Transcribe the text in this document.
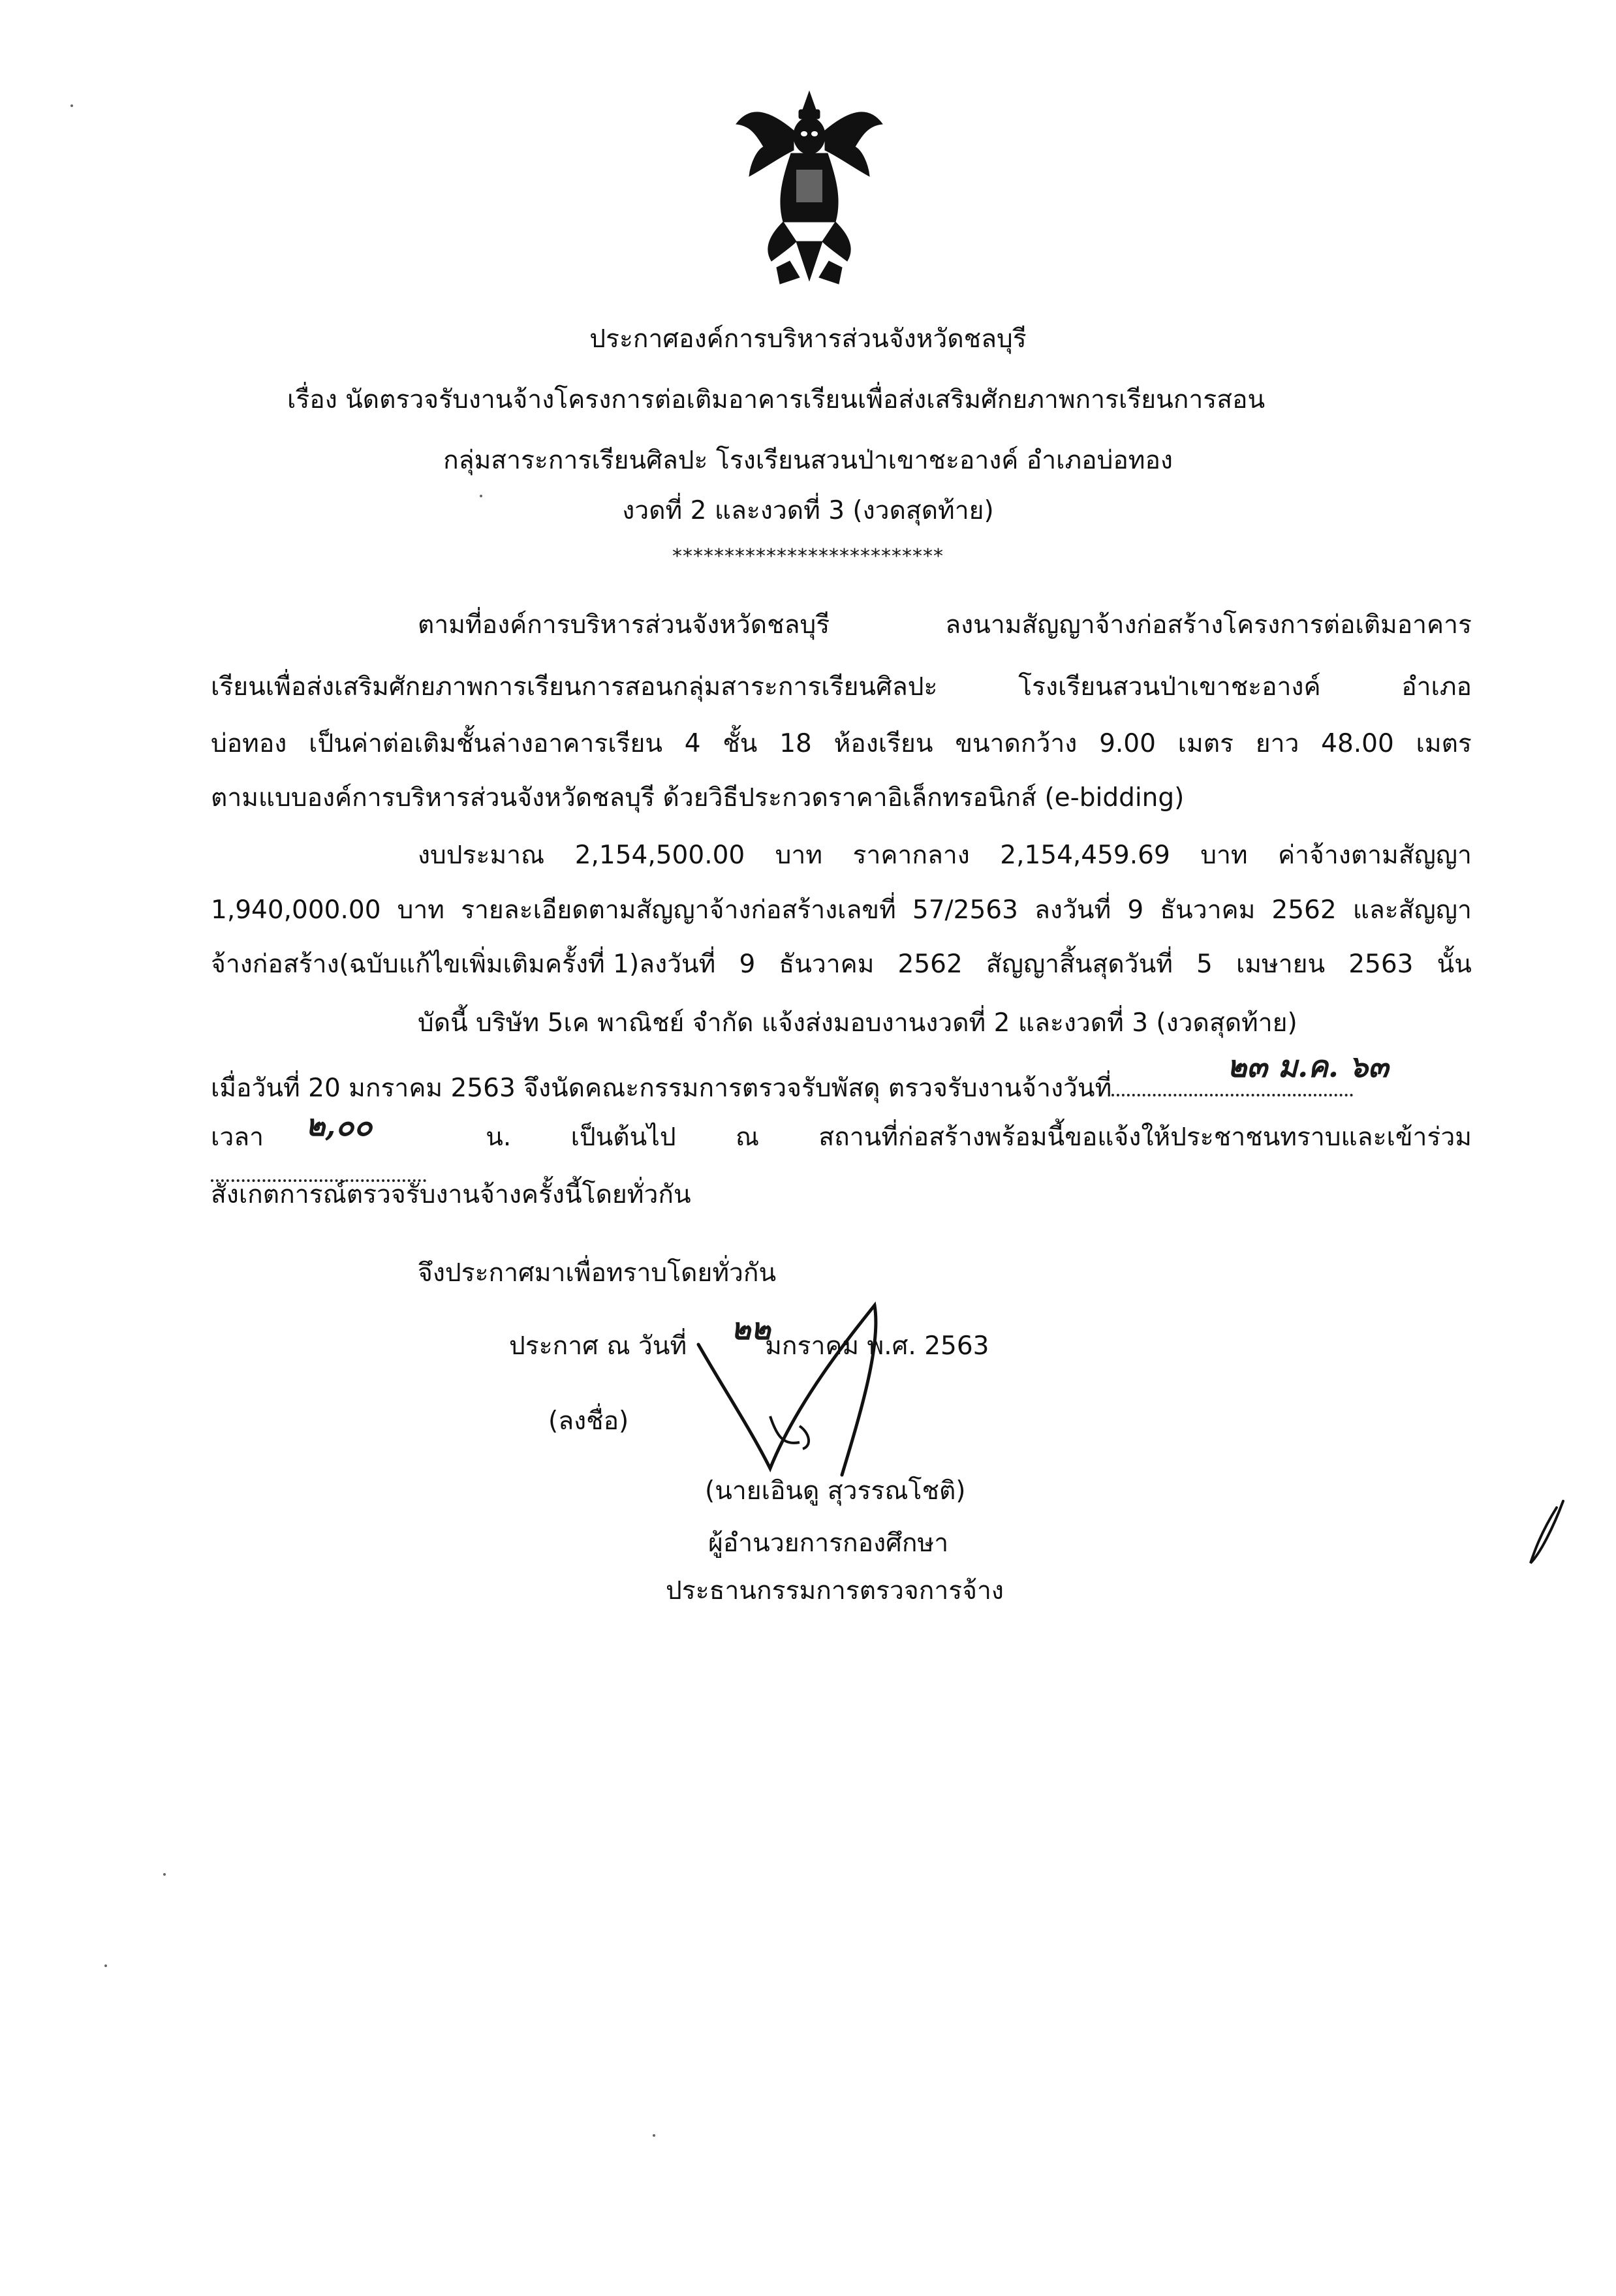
ประกาศองค์การบริหารส่วนจังหวัดชลบุรี
เรื่อง นัดตรวจรับงานจ้างโครงการต่อเติมอาคารเรียนเพื่อส่งเสริมศักยภาพการเรียนการสอน
กลุ่มสาระการเรียนศิลปะ โรงเรียนสวนป่าเขาชะอางค์ อำเภอบ่อทอง
งวดที่ 2 และงวดที่ 3 (งวดสุดท้าย)
**************************
ตามที่องค์การบริหารส่วนจังหวัดชลบุรี	ลงนามสัญญาจ้างก่อสร้างโครงการต่อเติมอาคาร
เรียนเพื่อส่งเสริมศักยภาพการเรียนการสอนกลุ่มสาระการเรียนศิลปะ	โรงเรียนสวนป่าเขาชะอางค์	อำเภอ
บ่อทอง เป็นค่าต่อเติมชั้นล่างอาคารเรียน 4 ชั้น 18 ห้องเรียน ขนาดกว้าง 9.00 เมตร ยาว 48.00 เมตร
ตามแบบองค์การบริหารส่วนจังหวัดชลบุรี ด้วยวิธีประกวดราคาอิเล็กทรอนิกส์ (e-bidding)
งบประมาณ 2,154,500.00 บาท ราคากลาง 2,154,459.69 บาท ค่าจ้างตามสัญญา
1,940,000.00 บาท รายละเอียดตามสัญญาจ้างก่อสร้างเลขที่ 57/2563 ลงวันที่ 9 ธันวาคม 2562 และสัญญา
จ้างก่อสร้าง(ฉบับแก้ไขเพิ่มเติมครั้งที่ 1)ลงวันที่ 9 ธันวาคม 2562 สัญญาสิ้นสุดวันที่ 5 เมษายน 2563 นั้น
บัดนี้ บริษัท 5เค พาณิชย์ จำกัด แจ้งส่งมอบงานงวดที่ 2 และงวดที่ 3 (งวดสุดท้าย)
เมื่อวันที่ 20 มกราคม 2563 จึงนัดคณะกรรมการตรวจรับพัสดุ ตรวจรับงานจ้างวันที่
๒๓ ม.ค. ๖๓
เวลา	น. เป็นต้นไป ณ สถานที่ก่อสร้างพร้อมนี้ขอแจ้งให้ประชาชนทราบและเข้าร่วม
๒,๐๐
สังเกตการณ์ตรวจรับงานจ้างครั้งนี้โดยทั่วกัน
จึงประกาศมาเพื่อทราบโดยทั่วกัน
ประกาศ ณ วันที่	มกราคม พ.ศ. 2563
๒๒
(ลงชื่อ)
(นายเอินดู สุวรรณโชติ)
ผู้อำนวยการกองศึกษา
ประธานกรรมการตรวจการจ้าง
